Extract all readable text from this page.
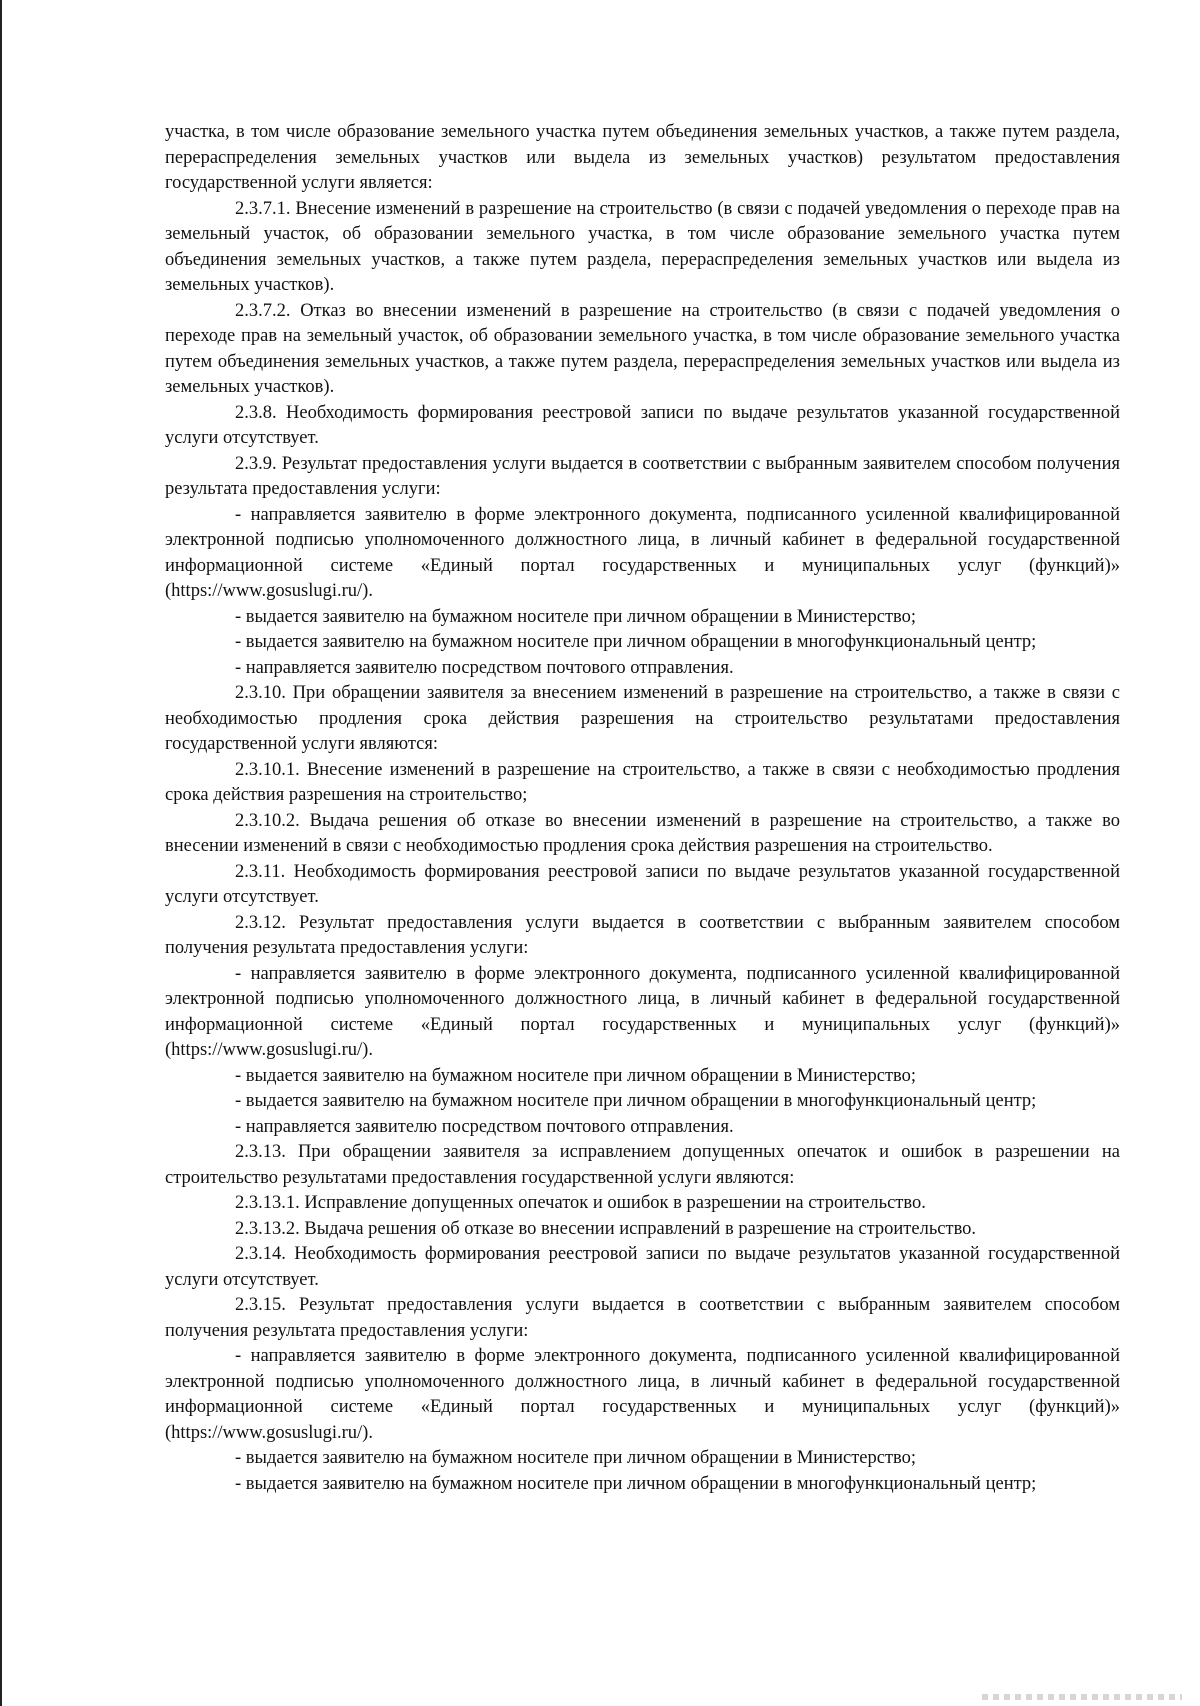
участка, в том числе образование земельного участка путем объединения земельных участков, а также путем раздела, перераспределения земельных участков или выдела из земельных участков) результатом предоставления государственной услуги является:

2.3.7.1. Внесение изменений в разрешение на строительство (в связи с подачей уведомления о переходе прав на земельный участок, об образовании земельного участка, в том числе образование земельного участка путем объединения земельных участков, а также путем раздела, перераспределения земельных участков или выдела из земельных участков).

2.3.7.2. Отказ во внесении изменений в разрешение на строительство (в связи с подачей уведомления о переходе прав на земельный участок, об образовании земельного участка, в том числе образование земельного участка путем объединения земельных участков, а также путем раздела, перераспределения земельных участков или выдела из земельных участков).

2.3.8. Необходимость формирования реестровой записи по выдаче результатов указанной государственной услуги отсутствует.

2.3.9. Результат предоставления услуги выдается в соответствии с выбранным заявителем способом получения результата предоставления услуги:

- направляется заявителю в форме электронного документа, подписанного усиленной квалифицированной электронной подписью уполномоченного должностного лица, в личный кабинет в федеральной государственной информационной системе «Единый портал государственных и муниципальных услуг (функций)» (https://www.gosuslugi.ru/).

- выдается заявителю на бумажном носителе при личном обращении в Министерство;

- выдается заявителю на бумажном носителе при личном обращении в многофункциональный центр;

- направляется заявителю посредством почтового отправления.

2.3.10. При обращении заявителя за внесением изменений в разрешение на строительство, а также в связи с необходимостью продления срока действия разрешения на строительство результатами предоставления государственной услуги являются:

2.3.10.1. Внесение изменений в разрешение на строительство, а также в связи с необходимостью продления срока действия разрешения на строительство;

2.3.10.2. Выдача решения об отказе во внесении изменений в разрешение на строительство, а также во внесении изменений в связи с необходимостью продления срока действия разрешения на строительство.

2.3.11. Необходимость формирования реестровой записи по выдаче результатов указанной государственной услуги отсутствует.

2.3.12. Результат предоставления услуги выдается в соответствии с выбранным заявителем способом получения результата предоставления услуги:

- направляется заявителю в форме электронного документа, подписанного усиленной квалифицированной электронной подписью уполномоченного должностного лица, в личный кабинет в федеральной государственной информационной системе «Единый портал государственных и муниципальных услуг (функций)» (https://www.gosuslugi.ru/).

- выдается заявителю на бумажном носителе при личном обращении в Министерство;

- выдается заявителю на бумажном носителе при личном обращении в многофункциональный центр;

- направляется заявителю посредством почтового отправления.

2.3.13. При обращении заявителя за исправлением допущенных опечаток и ошибок в разрешении на строительство результатами предоставления государственной услуги являются:

2.3.13.1. Исправление допущенных опечаток и ошибок в разрешении на строительство.

2.3.13.2. Выдача решения об отказе во внесении исправлений в разрешение на строительство.

2.3.14. Необходимость формирования реестровой записи по выдаче результатов указанной государственной услуги отсутствует.

2.3.15. Результат предоставления услуги выдается в соответствии с выбранным заявителем способом получения результата предоставления услуги:

- направляется заявителю в форме электронного документа, подписанного усиленной квалифицированной электронной подписью уполномоченного должностного лица, в личный кабинет в федеральной государственной информационной системе «Единый портал государственных и муниципальных услуг (функций)» (https://www.gosuslugi.ru/).

- выдается заявителю на бумажном носителе при личном обращении в Министерство;

- выдается заявителю на бумажном носителе при личном обращении в многофункциональный центр;
